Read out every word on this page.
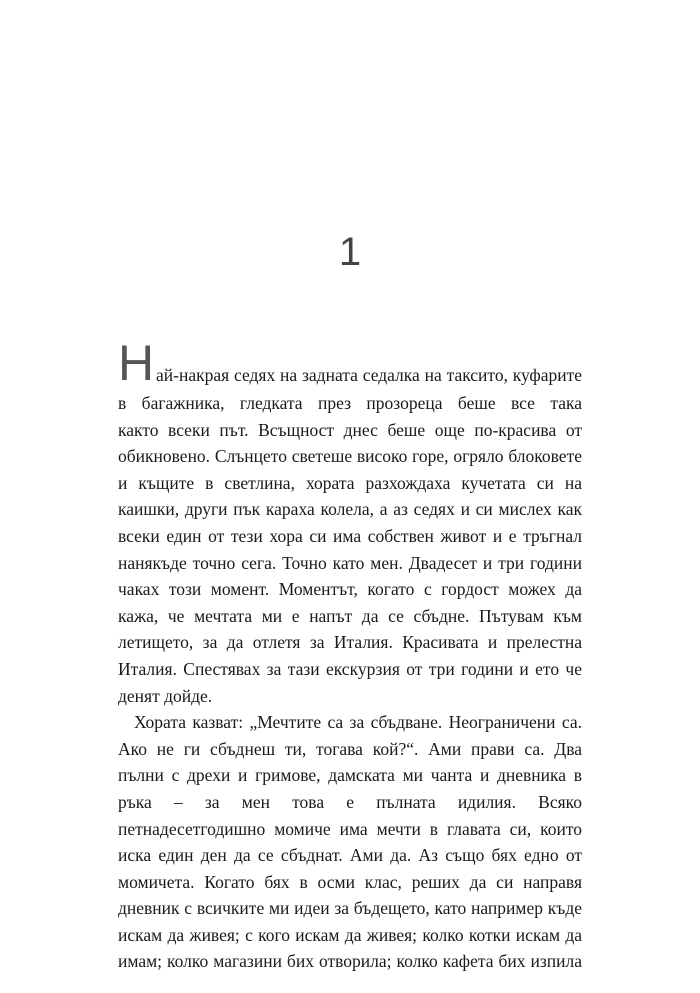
1
Н ай-накрая седях на задната седалка на таксито, куфарите
в багажника, гледката през прозореца беше все така
както всеки път. Всъщност днес беше още по-красива от
обикновено. Слънцето светеше високо горе, огряло блоковете
и къщите в светлина, хората разхождаха кучетата си на
каишки, други пък караха колела, а аз седях и си мислех как
всеки един от тези хора си има собствен живот и е тръгнал
нанякъде точно сега. Точно като мен. Двадесет и три години
чаках този момент. Моментът, когато с гордост можех да
кажа, че мечтата ми е напът да се сбъдне. Пътувам към
летището, за да отлетя за Италия. Красивата и прелестна
Италия. Спестявах за тази екскурзия от три години и ето че
денят дойде.
Хората казват: „Мечтите са за сбъдване. Неограничени са.
Ако не ги сбъднеш ти, тогава кой?“. Ами прави са. Два
пълни с дрехи и гримове, дамската ми чанта и дневника в
ръка – за мен това е пълната идилия. Всяко
петнадесетгодишно момиче има мечти в главата си, които
иска един ден да се сбъднат. Ами да. Аз също бях едно от
момичета. Когато бях в осми клас, реших да си направя
дневник с всичките ми идеи за бъдещето, като например къде
искам да живея; с кого искам да живея; колко котки искам да
имам; колко магазини бих отворила; колко кафета бих изпила
